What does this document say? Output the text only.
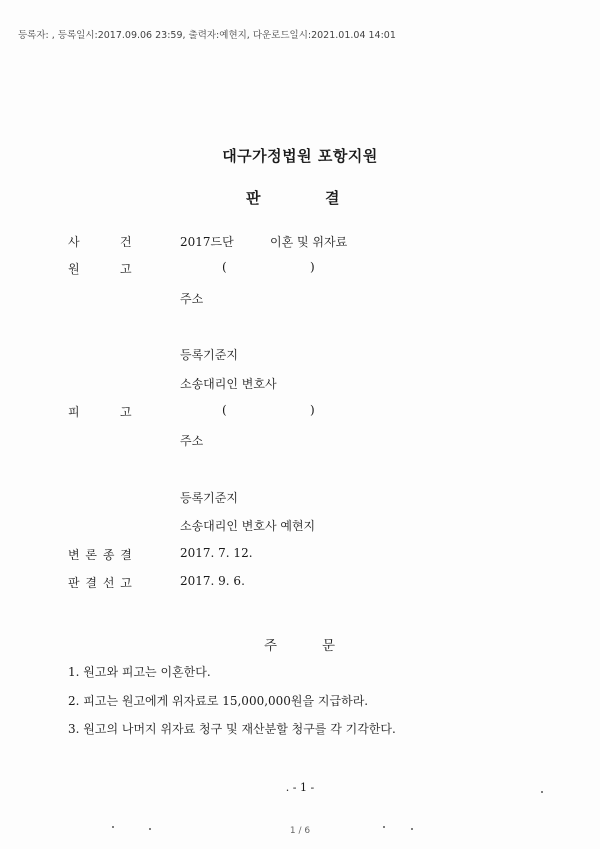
등록자: , 등록일시:2017.09.06 23:59, 출력자:예현지, 다운로드일시:2021.01.04 14:01
대구가정법원 포항지원
판	결
사	건	2017드단	이혼 및 위자료
원	고	(	)
주소
등록기준지
소송대리인 변호사
피	고	(	)
주소
등록기준지
소송대리인 변호사 예현지
변 론 종 결	2017. 7. 12.
판 결 선 고	2017. 9. 6.
주	문
1. 원고와 피고는 이혼한다.
2. 피고는 원고에게 위자료로 15,000,000원을 지급하라.
3. 원고의 나머지 위자료 청구 및 재산분할 청구를 각 기각한다.
. - 1 -
1 / 6
